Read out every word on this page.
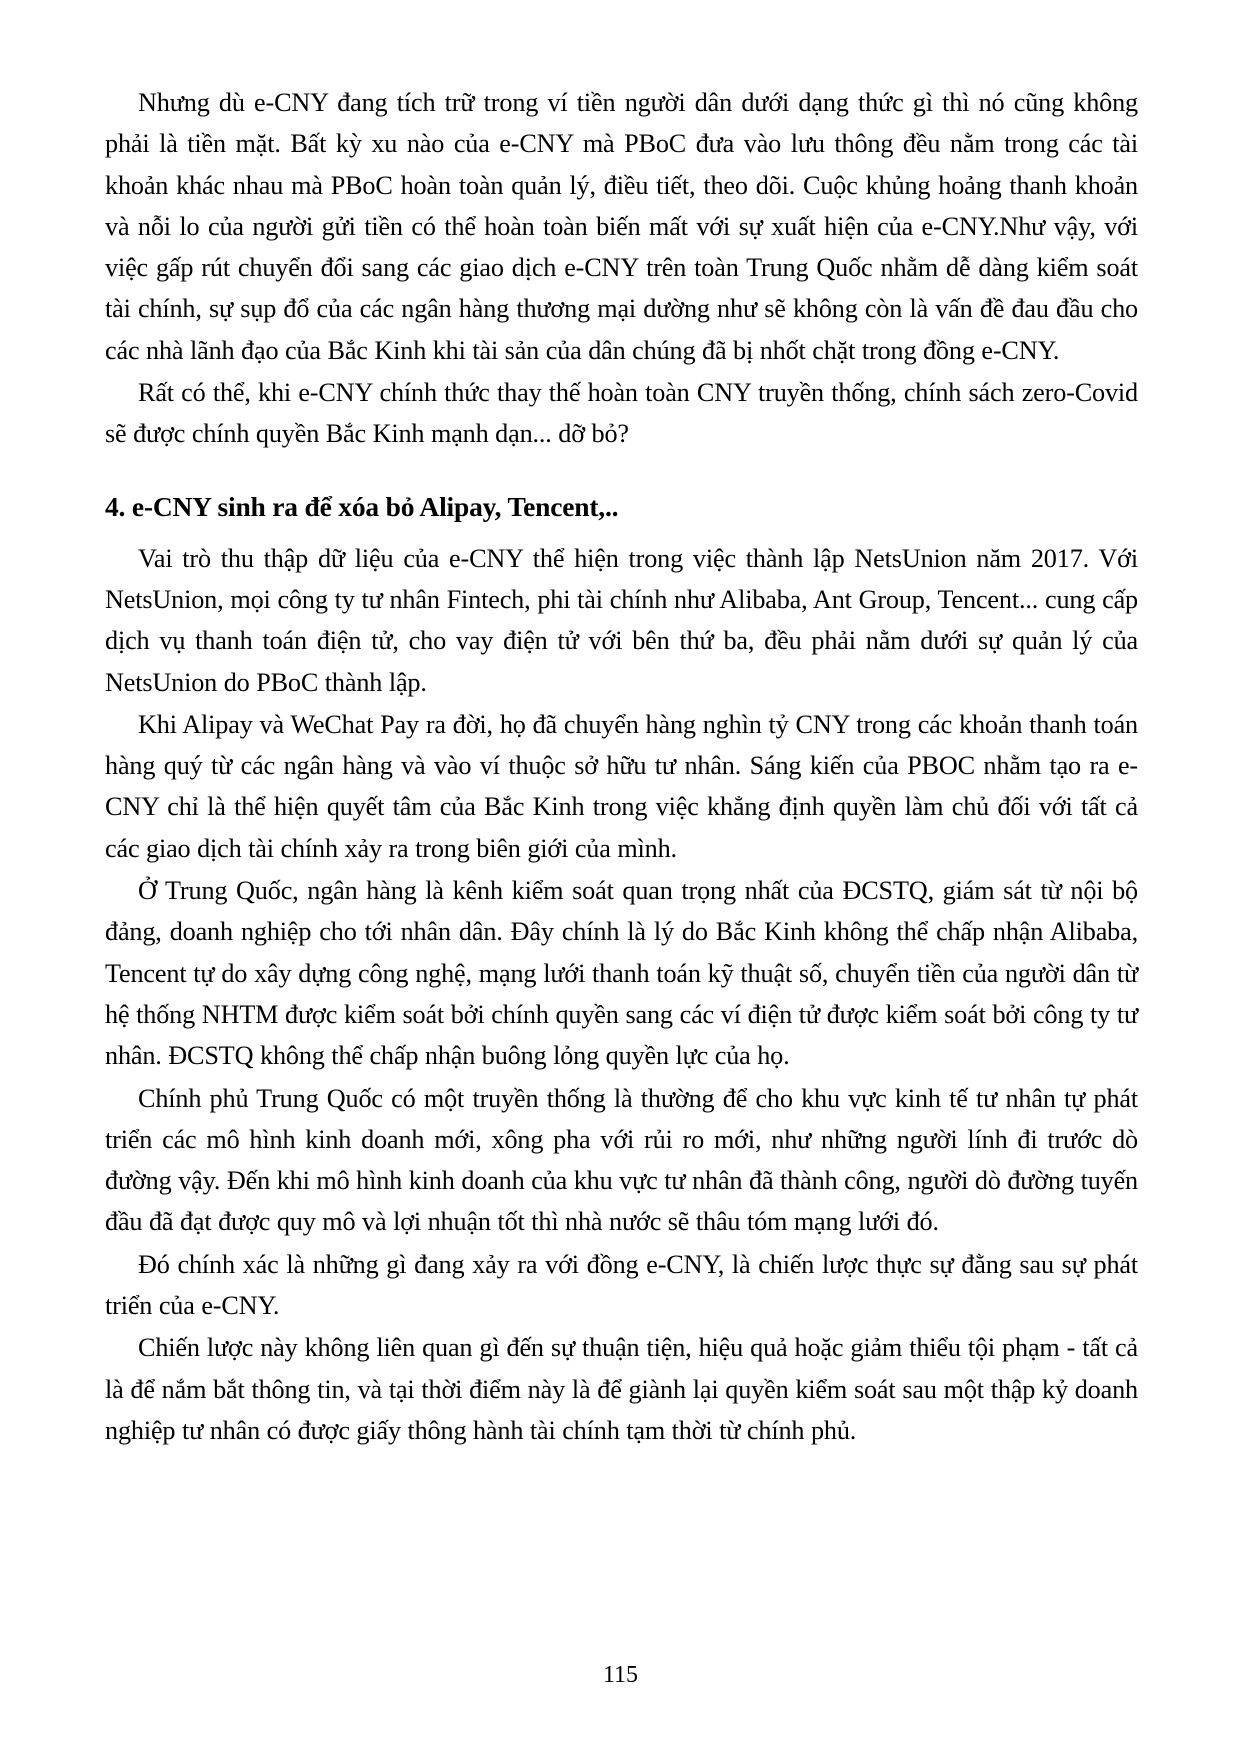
Nhưng dù e-CNY đang tích trữ trong ví tiền người dân dưới dạng thức gì thì nó cũng không phải là tiền mặt. Bất kỳ xu nào của e-CNY mà PBoC đưa vào lưu thông đều nằm trong các tài khoản khác nhau mà PBoC hoàn toàn quản lý, điều tiết, theo dõi. Cuộc khủng hoảng thanh khoản và nỗi lo của người gửi tiền có thể hoàn toàn biến mất với sự xuất hiện của e-CNY.Như vậy, với việc gấp rút chuyển đổi sang các giao dịch e-CNY trên toàn Trung Quốc nhằm dễ dàng kiểm soát tài chính, sự sụp đổ của các ngân hàng thương mại dường như sẽ không còn là vấn đề đau đầu cho các nhà lãnh đạo của Bắc Kinh khi tài sản của dân chúng đã bị nhốt chặt trong đồng e-CNY.

Rất có thể, khi e-CNY chính thức thay thế hoàn toàn CNY truyền thống, chính sách zero-Covid sẽ được chính quyền Bắc Kinh mạnh dạn... dỡ bỏ?

4. e-CNY sinh ra để xóa bỏ Alipay, Tencent,..

Vai trò thu thập dữ liệu của e-CNY thể hiện trong việc thành lập NetsUnion năm 2017. Với NetsUnion, mọi công ty tư nhân Fintech, phi tài chính như Alibaba, Ant Group, Tencent... cung cấp dịch vụ thanh toán điện tử, cho vay điện tử với bên thứ ba, đều phải nằm dưới sự quản lý của NetsUnion do PBoC thành lập.

Khi Alipay và WeChat Pay ra đời, họ đã chuyển hàng nghìn tỷ CNY trong các khoản thanh toán hàng quý từ các ngân hàng và vào ví thuộc sở hữu tư nhân. Sáng kiến của PBOC nhằm tạo ra e-CNY chỉ là thể hiện quyết tâm của Bắc Kinh trong việc khẳng định quyền làm chủ đối với tất cả các giao dịch tài chính xảy ra trong biên giới của mình.

Ở Trung Quốc, ngân hàng là kênh kiểm soát quan trọng nhất của ĐCSTQ, giám sát từ nội bộ đảng, doanh nghiệp cho tới nhân dân. Đây chính là lý do Bắc Kinh không thể chấp nhận Alibaba, Tencent tự do xây dựng công nghệ, mạng lưới thanh toán kỹ thuật số, chuyển tiền của người dân từ hệ thống NHTM được kiểm soát bởi chính quyền sang các ví điện tử được kiểm soát bởi công ty tư nhân. ĐCSTQ không thể chấp nhận buông lỏng quyền lực của họ.

Chính phủ Trung Quốc có một truyền thống là thường để cho khu vực kinh tế tư nhân tự phát triển các mô hình kinh doanh mới, xông pha với rủi ro mới, như những người lính đi trước dò đường vậy. Đến khi mô hình kinh doanh của khu vực tư nhân đã thành công, người dò đường tuyến đầu đã đạt được quy mô và lợi nhuận tốt thì nhà nước sẽ thâu tóm mạng lưới đó.

Đó chính xác là những gì đang xảy ra với đồng e-CNY, là chiến lược thực sự đằng sau sự phát triển của e-CNY.

Chiến lược này không liên quan gì đến sự thuận tiện, hiệu quả hoặc giảm thiểu tội phạm - tất cả là để nắm bắt thông tin, và tại thời điểm này là để giành lại quyền kiểm soát sau một thập kỷ doanh nghiệp tư nhân có được giấy thông hành tài chính tạm thời từ chính phủ.

115
